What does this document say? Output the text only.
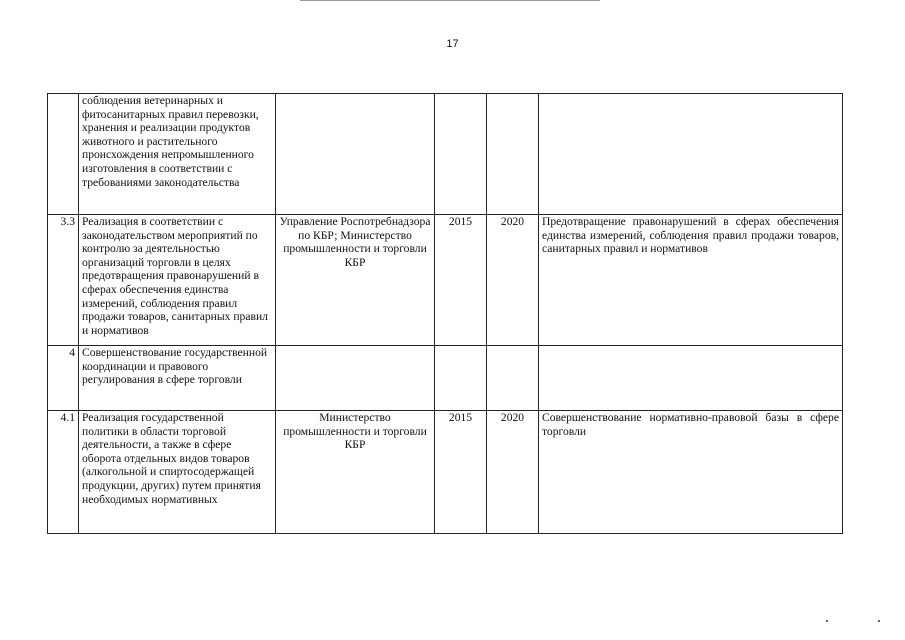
17
	соблюдения ветеринарных и фитосанитарных правил перевозки, хранения и реализации продуктов животного и растительного происхождения непромышленного изготовления в соответствии с требованиями законодательства				
3.3	Реализация в соответствии с законодательством мероприятий по контролю за деятельностью организаций торговли в целях предотвращения правонарушений в сферах обеспечения единства измерений, соблюдения правил продажи товаров, санитарных правил и нормативов	Управление Роспотребнадзора по КБР; Министерство промышленности и торговли КБР	2015	2020	Предотвращение правонарушений в сферах обеспечения единства измерений, соблюдения правил продажи товаров, санитарных правил и нормативов
4	Совершенствование государственной координации и правового регулирования в сфере торговли				
4.1	Реализация государственной политики в области торговой деятельности, а также в сфере оборота отдельных видов товаров (алкогольной и спиртосодержащей продукции, других) путем принятия необходимых нормативных	Министерство промышленности и торговли КБР	2015	2020	Совершенствование нормативно-правовой базы в сфере торговли
